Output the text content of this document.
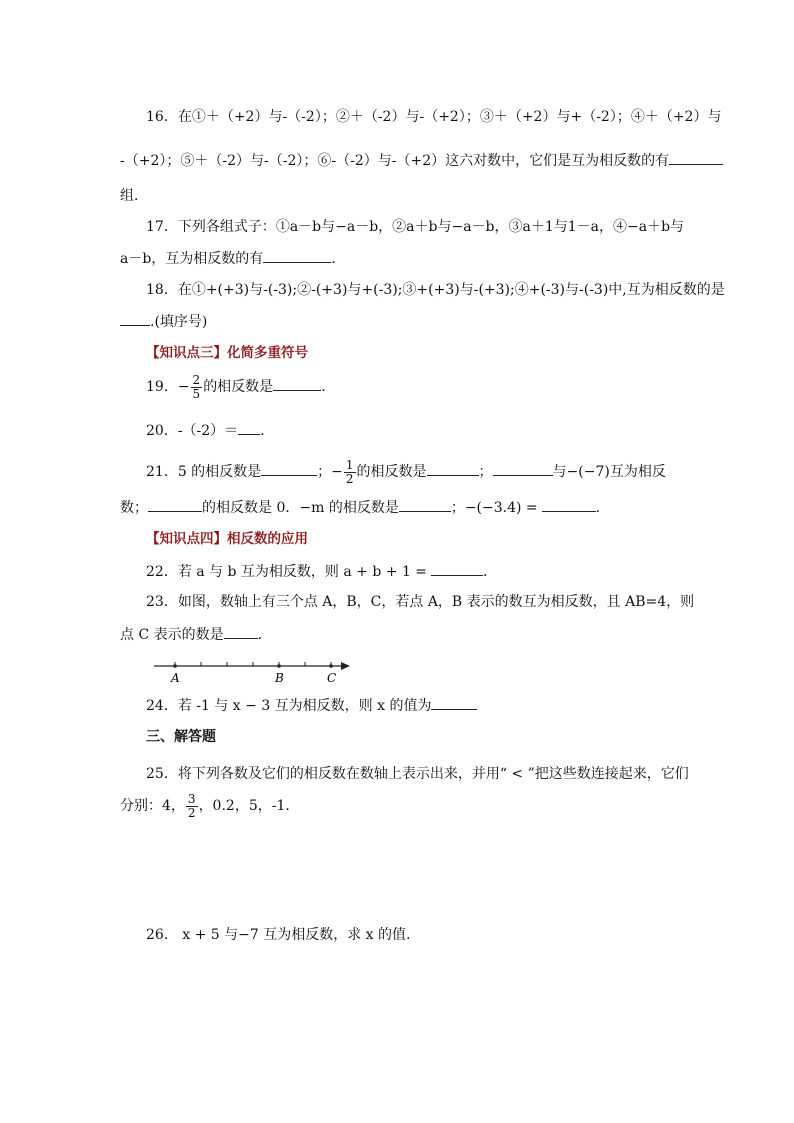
16．在①＋（+2）与-（-2）；②＋（-2）与-（+2）；③＋（+2）与+（-2）；④＋（+2）与
-（+2）；⑤＋（-2）与-（-2）；⑥-（-2）与-（+2）这六对数中，它们是互为相反数的有
组．
17．下列各组式子：①a－b与−a－b，②a＋b与−a－b，③a＋1与1－a，④−a＋b与
a－b，互为相反数的有	．
18．在①+(+3)与-(-3);②-(+3)与+(-3);③+(+3)与-(+3);④+(-3)与-(-3)中,互为相反数的是
.(填序号)
【知识点三】化简多重符号
19．− $\frac{2}{5}$ 的相反数是	．
20．-（-2）＝ ．
21．5 的相反数是	；− $\frac{1}{2}$ 的相反数是	；	与−(−7)互为相反
数；	的相反数是 0．−m 的相反数是	；−(−3.4) =	．
【知识点四】相反数的应用
22．若 a 与 b 互为相反数，则 a + b + 1 =	．
23．如图，数轴上有三个点 A，B，C，若点 A，B 表示的数互为相反数，且 AB=4，则
点 C 表示的数是 ．
A	B	C
24．若 -1 与 x − 3 互为相反数，则 x 的值为
三、解答题
25．将下列各数及它们的相反数在数轴上表示出来，并用“ < ”把这些数连接起来，它们
分别：4， $\frac{3}{2}$ ，0.2，5，-1．
26． x + 5 与−7 互为相反数，求 x 的值.
